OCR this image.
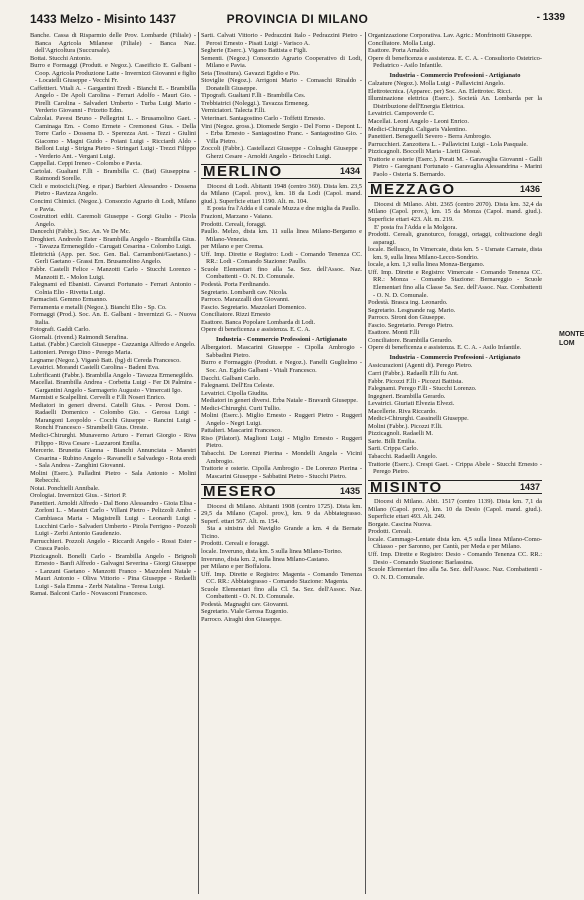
1433 Melzo - Misinto 1437	PROVINCIA DI MILANO	- 1339

Banche. Cassa di Risparmio delle Prov. Lombarde (Filiale) - Banca Agricola Milanese (Filiale) - Banca Naz. dell'Agricoltura (Succursale).

Bottai. Stucchi Antonio.

Burro e Formaggi (Produtt. e Negoz.). Caseificio E. Galbani - Coop. Agricola Produzione Latte - Invernizzi Giovanni e figlio - Locatelli Giuseppe - Vecchi Fr.

Caffettieri. Vitali A. - Gargantini Eredi - Bianchi E. - Brambilla Angelo - De Apoli Carolina - Ferrari Adolfo - Mauri Gio. - Pirelli Carolina - Salvaderi Umberto - Turba Luigi Mario - Verderio Giovanni - Frizetto Edm.

Calzolai. Pavesi Bruno - Pellegrini L. - Brusamolino Gaet. - Caminaga Em. - Como Ermete - Cremonesi Gius. - Della Torre Carlo - Dossena D. - Sperezza Ant. - Tezzi - Giulini Giacomo - Magni Guido - Poiani Luigi - Ricciardi Aldo - Belloni Luigi - Strigna Pietro - Stringari Luigi - Trezzi Filippo - Verderio Ant. - Vergani Luigi.

Cappellai. Ceppi Ireneo - Colombo e Pavia.

Cartolai. Gualtani F.lli - Brambilla C. (Bat) Giuseppina - Raimondi Sorelle.

Cicli e motocicli.(Neg. e ripar.) Barbieri Alessandro - Dossena Pietro - Ravizza Angelo.

Concimi Chimici. (Negoz.). Consorzio Agrario di Lodi, Milano e Pavia.

Costruttori edili. Caremoli Giuseppe - Gorgi Giulio - Picola Angelo.

Dancechi (Fabbr.). Soc. An. Ve De Mc.

Droghieri. Andreolo Ester - Brambilla Angelo - Brambilla Gius. - Tavazza Ermenegildo - Carugati Cesarina - Colombo Luigi.

Elettricità (App. per. Soc. Gen. Bal. Carramboni/Gaetano.) - Gerli Gaetano - Grassi Ern. Brusamolino Angelo.

Fabbr. Castelli Felice - Manzotti Carlo - Stucchi Lorenzo - Manzotti E. - Molon Luigi.

Falegnami ed Ebanisti. Cavanzi Fortunato - Ferrari Antonio - Colnia Elio - Rivetta Luigi.

Farmacisti. Gemmo Ermanno.

Ferramenta e metalli (Negoz.). Bianchi Elio - Sp. Co.

Formaggi (Prod.). Soc. An. E. Galbani - Invernizzi G. - Nuova Italia.

Fotografi. Gaddi Carlo.

Giornali. (rivend.) Raimondi Serafina.

Lattai. (Fabbr.) Carcioli Giuseppe - Cazzaniga Alfredo e Angelo.

Lattonieri. Perego Dino - Perego Maria.

Legname (Negoz.). Viganò Batt. (bg) di Cereda Francesco.

Levatrici. Morandi Castelli Carolina - Badeni Eva.

Lubrificanti (Fabbr.). Brambilla Angelo - Tavazza Ermenegildo.

Macellai. Brambilla Andrea - Corbetta Luigi - Fer Di Palmira - Gargantini Angelo - Sarmagerio Augusto - Vimercati Igo.

Marmisti e Scalpellini. Cervelli e F.lli Noseri Enrico.

Mediatori in generi diversi. Catelli Gius. - Perosi Dom. - Radaelli Domenico - Colombo Gio. - Gerosa Luigi - Marangoni Leopoldo - Cocchi Giuseppe - Rancini Luigi - Ronchi Francesco - Strambelli Gius. Oreste.

Medici-Chirurghi. Munaverno Arturo - Ferrari Giorgio - Riva Filippo - Riva Cesare - Lazzaroni Emilia.

Mercerie. Brunetta Gianna - Bianchi Annunciata - Maestri Cesarina - Rubino Angelo - Ravanelli e Salvadego - Rota eredi - Sala Andrea - Zanghini Giovanni.

Molini (Eserc.). Palladini Pietro - Sala Antonio - Molini Rebecchi.

Notai. Ponchielli Annibale.

Orologiai. Invernizzi Gius. - Sirtori P.

Panettieri. Arnoldi Alfredo - Dal Bono Alessandro - Gioia Elisa - Zorloni L. - Maestri Carlo - Villani Pietro - Pelizzoli Ambr. - Cambiasca Maria - Magistrelli Luigi - Leonardi Luigi - Lucchini Carlo - Salvaderi Umberto - Pirola Ferrigno - Pozzoli Luigi - Zerbi Antonio Gaudenzio.

Parrucchieri. Pozzoli Angelo - Riccardi Angelo - Rossi Ester - Crasca Paolo.

Pizzicagnoli. Bonelli Carlo - Brambilla Angelo - Brignoli Ernesto - Banfi Alfredo - Galvagni Severina - Giorgi Giuseppe - Lanzani Gaetano - Manzotti Franco - Mazzoleni Natale - Mauri Antonio - Oliva Vittorio - Pina Giuseppe - Redaelli Luigi - Sala Emma - Zerbi Natalina - Teresa Luigi.

Ramai. Balconi Carlo - Novasconi Francesco.

Sarti. Calvati Vittorio - Pedrazzini Italo - Pedrazzini Pietro - Perosi Ernesto - Pisati Luigi - Varisco A.

Segherie (Eserc.). Vigano Battista e Figli.

Sementi. (Negoz.) Consorzio Agrario Cooperativo di Lodi, Milano e Pavia.

Seta (Tessitura). Gavazzi Egidio e Pio.

Stoviglie (Negoz.). Arrigoni Mario - Comaschi Rinaldo - Donatelli Giuseppe.

Tipografi. Gualtani F.lli - Brambilla Ces.

Trebbiatrici (Noleggi.). Tavazza Ermeneg.

Verniciatori. Talecta F.lli.

Veterinari. Santagostino Carlo - Toffetti Ernesto.

Vini (Negoz. gross.). Diomede Sergio - Del Forno - Depont L. - Erba Ernesto - Santagostino Franc. - Santagostino Gio. - Villa Pietro.

Zoccoli (Fabbr.). Castellazzi Giuseppe - Colnaghi Giuseppe - Gherzi Cesare - Arnoldi Angelo - Brioschi Luigi.

MERLINO	1434

Diocesi di Lodi. Abitanti 1948 (centro 360). Dista km. 23,5 da Milano (Capol. prov.), km. 18 da Lodi (Capol. mand. giud.). Superficie ettari 1190. Alt. m. 104.

E posta fra l'Adda e il canale Muzza e dne miglia da Paullo.

Frazioni, Marzano - Vaiano.

Prodotti. Cereali, foraggi.

Paullo. Melzo, dista km. 11 sulla linea Milano-Bergamo e Milano-Venezia.

per Milano e per Crema.

Uff. Imp. Dirette e Registro: Lodi - Comando Tenenza CC. RR.: Lodi - Comando Stazione: Paullo.

Scuole Elementari fino alla 5a. Sez. dell'Assoc. Naz. Combattenti - O. N. D. Comunale.

Podestà. Porta Ferdinando.

Segretario. Lombardi cav. Nicola.

Parroco. Marazzalli don Giovanni.

Fascio. Segretario. Mazzolari Domenico.

Conciliatore. Rizzi Ernesto

Esattore. Banca Popolare Lombarda di Lodi.

Opere di beneficenza e assistenza. E. C. A.

Industria - Commercio Professioni - Artigianato

Albergatori. Mascarini Giuseppe - Cipolla Ambrogio - Sabbadini Pietro.

Burro e Formaggio (Produtt. e Negoz.). Fanelli Guglielmo - Soc. An. Egidio Galbani - Vitali Francesco.

Dacchi. Galbani Carlo.

Falegnami. Dell'Era Celeste.

Levatrici. Cipolla Giudita.

Mediatori in generi diversi. Erba Natale - Bravardi Giuseppe.

Medici-Chirurghi. Curti Tullio.

Molini (Eserc.). Miglio Ernesto - Ruggeri Pietro - Ruggeri Angelo - Negri Luigi.

Pattalteri. Mascarini Francesco.

Riso (Pilatori). Maglioni Luigi - Miglio Ernesto - Ruggeri Pietro.

Tabacchi. De Lorenzi Pierina - Mondelli Angela - Vicini Ambrogio.

Trattorie e osterie. Cipolla Ambrogio - De Lorenzo Pierina - Mascarini Giuseppe - Sabbatini Pietro - Stucchi Pietro.

MESERO	1435

Diocesi di Milano. Abitanti 1908 (centro 1725). Dista km. 29,5 da Milano (Capol. prov.), km. 9 da Abbiategrasso. Superf. ettari 567. Alt. m. 154.

Sta a sinistra del Naviglio Grande a km. 4 da Bernate Ticino.

Prodotti. Cereali e foraggi.

locale. Inveruno, dista km. 5 sulla linea Milano-Torino.

Inveruno, dista km. 2, sulla linea Milano-Castano.

per Milano e per Boffalora.

Uff. Imp. Dirette e Registro: Magenta - Comando Tenenza CC. RR.: Abbiategrasso - Comando Stazione: Magenta.

Scuole Elementari fino alla Cl. 5a. Sez. dell'Assoc. Naz. Combattenti - O. N. D. Comunale.

Podestà. Magnaghi cav. Giovanni.

Segretario. Viale Gerosa Eugenio.

Parroco. Airaghi don Giuseppe.

Organizzazione Corporativa. Lav. Agric.: Monfrinotti Giuseppe.

Conciliatore. Molla Luigi.

Esattore. Porta Arnaldo.

Opere di beneficenza e assistenza. E. C. A. - Consultorio Ostetrico-Pediatrico - Asilo Infantile.

Industria - Commercio Professioni - Artigianato

Calzature (Negoz.). Molla Luigi - Pallavicini Angelo.

Elettrotecnica. (Apparec. per) Soc. An. Elettrotec. Ricci.

Illuminazione elettrica (Eserc.). Società An. Lombarda per la Distribuzione dell'Energia Elettrica.

Levatrici. Campoverde C.

Macellai. Leoni Angelo - Leoni Enrico.

Medici-Chirurghi. Caligaris Valentino.

Panettieri. Beneguelli Severo - Berra Ambrogio.

Parrucchieri. Zanzottera L. - Pallavicini Luigi - Lola Pasquale.

Pizzicagnoli. Boccelli Maria - Lietti Giosuè.

Trattorie e osterie (Eserc.). Porati M. - Garavaglia Giovanni - Galli Pietro - Garegnani Fortunato - Garavaglia Alessandrina - Marini Paolo - Osteria S. Bernardo.

MEZZAGO	1436

Diocesi di Milano. Abit. 2365 (centro 2070). Dista km. 32,4 da Milano (Capol. prov.), km. 15 da Monza (Capol. mand. giud.). Superficie ettari 423. Alt. m. 219.

E' posta fra l'Adda e la Molgora.

Prodotti. Cereali, granoturco, foraggi, ortaggi, coltivazione degli asparagi.

locale. Bellusco, In Vimercate, dista km. 5 - Usmate Carnate, dista km. 9, sulla linea Milano-Lecco-Sondrio.

locale, a km. 1,3 sulla linea Monza-Bergamo.

Uff. Imp. Dirette e Registro: Vimercate - Comando Tenenza CC. RR.: Monza - Comando Stazione: Bernareggio - Scuole Elementari fino alla Classe 5a. Sez. dell'Assoc. Naz. Combattenti - O. N. D. Comunale.

Podestà. Brasca ing. Leonardo.

Segretario. Lesgnande rag. Mario.

Parroco. Sironi don Giuseppe.

Fascio. Segretario. Perego Pietro.

Esattore. Monti F.lli

Conciliatore. Brambilla Gerardo.

Opere di beneficenza e assistenza. E. C. A. - Asilo Infantile.

Industria - Commercio Professioni - Artigianato

Assicurazioni (Agenti di). Perego Pietro.

Carri (Fabbr.). Radaelli F.lli fu Ant.

Fabbr. Picozzi F.lli - Picozzi Battista.

Falegnami. Perego F.lli - Stucchi Lorenzo.

Ingegneri. Brambilla Gerardo.

Levatrici. Giuriati Elvezia Elvezi.

Macellerie. Riva Riccardo.

Medici-Chirurghi. Cassinelli Giuseppe.

Molini (Fabbr.). Picozzi F.lli.

Pizzicagnoli. Radaelli M.

Sarte. Billi Emilia.

Sarti. Crippa Carlo.

Tabacchi. Radaelli Angelo.

Trattorie (Eserc.). Crespi Gaet. - Crippa Abele - Stucchi Ernesto - Perego Pietro.

MISINTO	1437

Diocesi di Milano. Abit. 1517 (centro 1139). Dista km. 7,1 da Milano (Capol. prov.), km. 10 da Desio (Capol. mand. giud.). Superficie ettari 493. Alt. 249.

Borgate. Cascina Nuova.

Prodotti. Cereali.

locale. Cammago-Lentate dista km. 4,5 sulla linea Milano-Como-Chiasso - per Saronno, per Cantù, per Meda e per Milano.

Uff. Imp. Dirette e Registro: Desio - Comando Tenenza CC. RR.: Desio - Comando Stazione: Barlassina.

Scuole Elementari fino alla 5a. Sez. dell'Assoc. Naz. Combattenti - O. N. D. Comunale.

MONTE LOM
